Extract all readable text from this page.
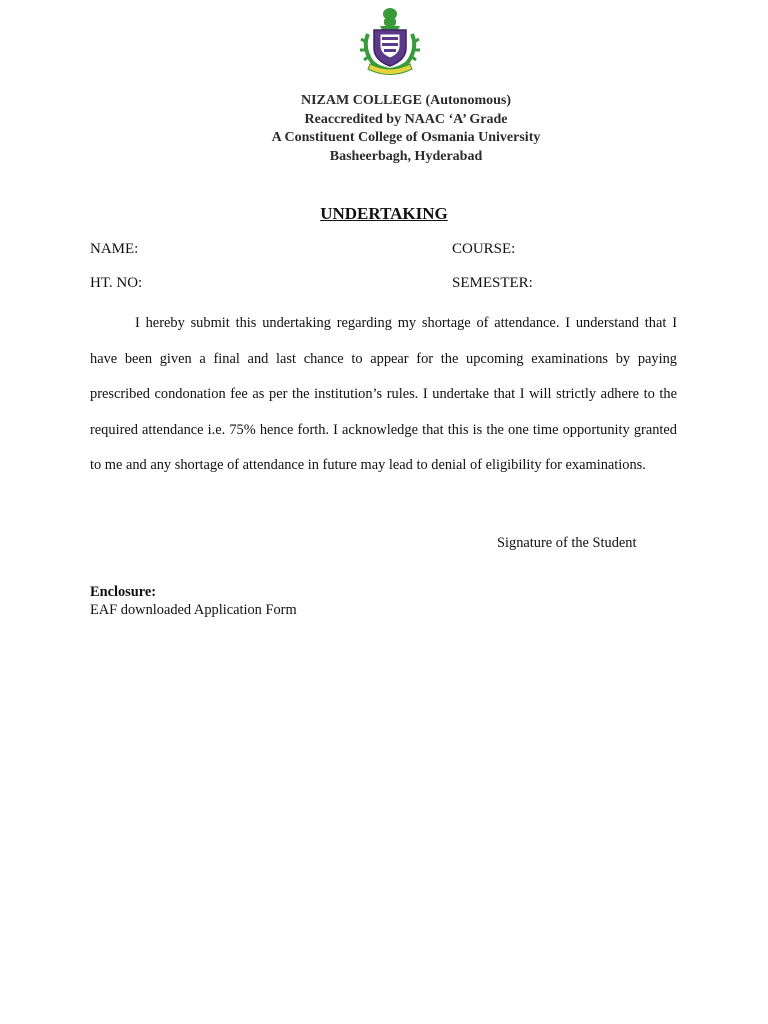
NIZAM COLLEGE (Autonomous)
Reaccredited by NAAC ‘A’ Grade
A Constituent College of Osmania University
Basheerbagh, Hyderabad
UNDERTAKING
NAME:	COURSE:
HT. NO:	SEMESTER:

I hereby submit this undertaking regarding my shortage of attendance. I understand that I have been given a final and last chance to appear for the upcoming examinations by paying prescribed condonation fee as per the institution’s rules. I undertake that I will strictly adhere to the required attendance i.e. 75% hence forth. I acknowledge that this is the one time opportunity granted to me and any shortage of attendance in future may lead to denial of eligibility for examinations.

Signature of the Student
Enclosure:
EAF downloaded Application Form
